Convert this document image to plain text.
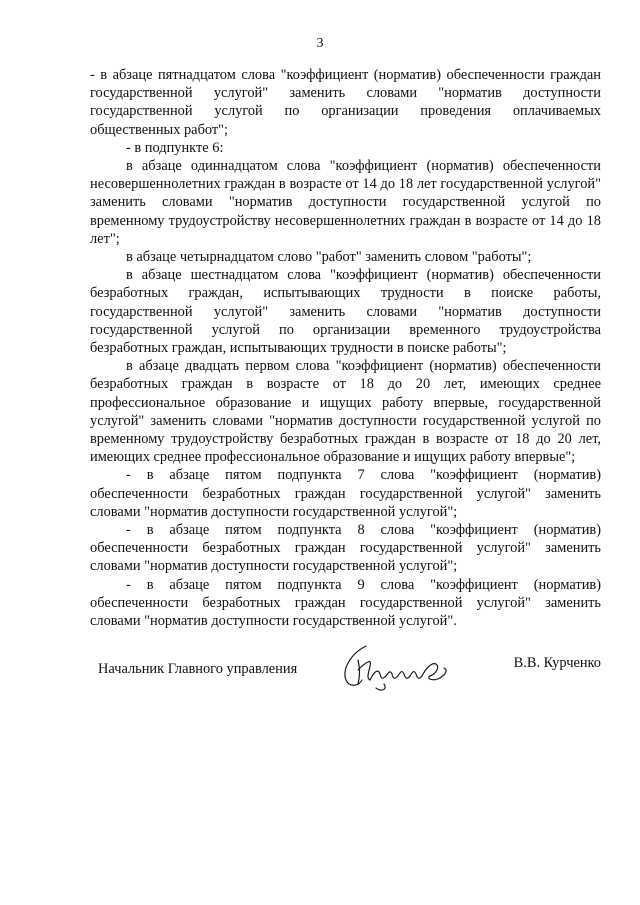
3

- в абзаце пятнадцатом слова "коэффициент (норматив) обеспеченности граждан государственной услугой" заменить словами "норматив доступности государственной услугой по организации проведения оплачиваемых общественных работ";

- в подпункте 6:

в абзаце одиннадцатом слова "коэффициент (норматив) обеспеченности несовершеннолетних граждан в возрасте от 14 до 18 лет государственной услугой" заменить словами "норматив доступности государственной услугой по временному трудоустройству несовершеннолетних граждан в возрасте от 14 до 18 лет";

в абзаце четырнадцатом слово "работ" заменить словом "работы";

в абзаце шестнадцатом слова "коэффициент (норматив) обеспеченности безработных граждан, испытывающих трудности в поиске работы, государственной услугой" заменить словами "норматив доступности государственной услугой по организации временного трудоустройства безработных граждан, испытывающих трудности в поиске работы";

в абзаце двадцать первом слова "коэффициент (норматив) обеспеченности безработных граждан в возрасте от 18 до 20 лет, имеющих среднее профессиональное образование и ищущих работу впервые, государственной услугой" заменить словами "норматив доступности государственной услугой по временному трудоустройству безработных граждан в возрасте от 18 до 20 лет, имеющих среднее профессиональное образование и ищущих работу впервые";

- в абзаце пятом подпункта 7 слова "коэффициент (норматив) обеспеченности безработных граждан государственной услугой" заменить словами "норматив доступности государственной услугой";

- в абзаце пятом подпункта 8 слова "коэффициент (норматив) обеспеченности безработных граждан государственной услугой" заменить словами "норматив доступности государственной услугой";

- в абзаце пятом подпункта 9 слова "коэффициент (норматив) обеспеченности безработных граждан государственной услугой" заменить словами "норматив доступности государственной услугой".

Начальник Главного управления	В.В. Курченко
